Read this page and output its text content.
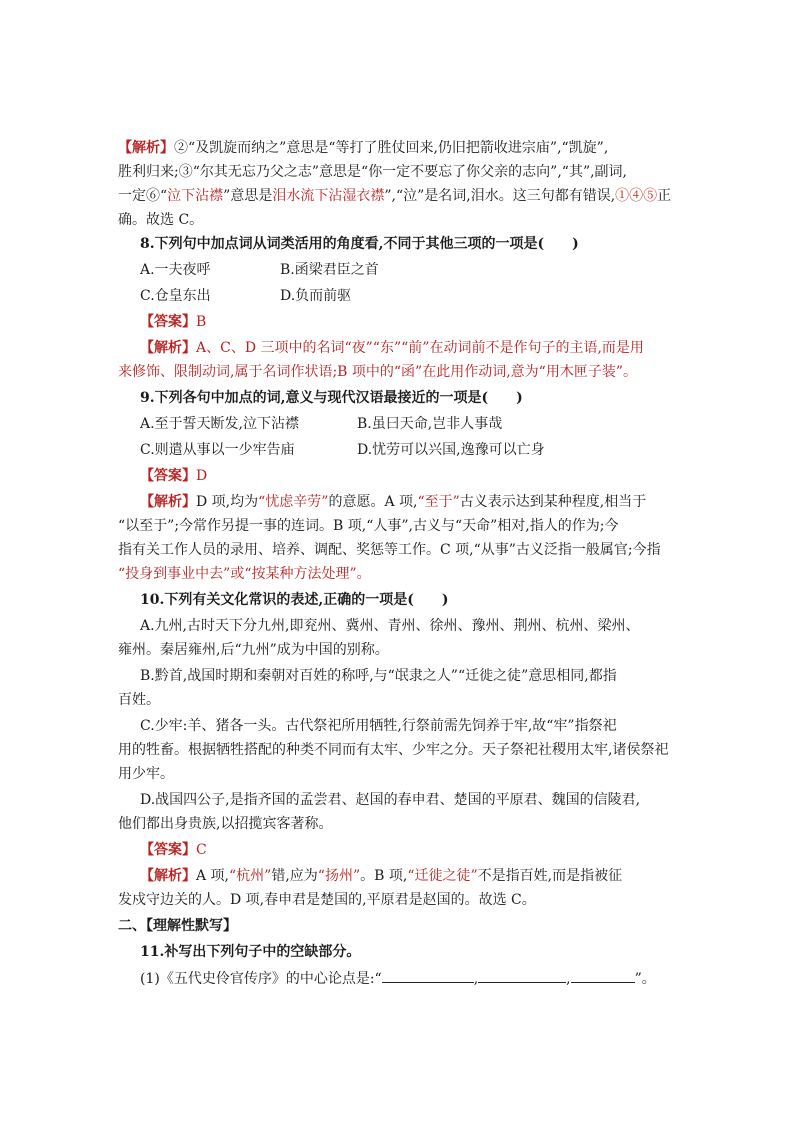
【解析】②“及凯旋而纳之”意思是“等打了胜仗回来,仍旧把箭收进宗庙”,“凯旋”,
胜利归来;③“尔其无忘乃父之志”意思是“你一定不要忘了你父亲的志向”,“其”,副词,
一定⑥“泣下沾襟”意思是泪水流下沾湿衣襟”,“泣”是名词,泪水。这三句都有错误,①④⑤正
确。故选 C。
8.下列句中加点词从词类活用的角度看,不同于其他三项的一项是(　　)
A.一夫夜呼	B.函梁君臣之首
C.仓皇东出	D.负而前驱
【答案】B
【解析】A、C、D 三项中的名词“夜”“东”“前”在动词前不是作句子的主语,而是用
来修饰、限制动词,属于名词作状语;B 项中的“函”在此用作动词,意为“用木匣子装”。
9.下列各句中加点的词,意义与现代汉语最接近的一项是(　　)
A.至于誓天断发,泣下沾襟	B.虽曰天命,岂非人事哉
C.则遣从事以一少牢告庙	D.忧劳可以兴国,逸豫可以亡身
【答案】D
【解析】D 项,均为“忧虑辛劳”的意愿。A 项,“至于”古义表示达到某种程度,相当于
“以至于”;今常作另提一事的连词。B 项,“人事”,古义与“天命”相对,指人的作为;今
指有关工作人员的录用、培养、调配、奖惩等工作。C 项,“从事”古义泛指一般属官;今指
“投身到事业中去”或“按某种方法处理”。
10.下列有关文化常识的表述,正确的一项是(　　)
A.九州,古时天下分九州,即兖州、冀州、青州、徐州、豫州、荆州、杭州、梁州、
雍州。秦居雍州,后“九州”成为中国的别称。
B.黔首,战国时期和秦朝对百姓的称呼,与“氓隶之人”“迁徙之徒”意思相同,都指
百姓。
C.少牢:羊、猪各一头。古代祭祀所用牺牲,行祭前需先饲养于牢,故“牢”指祭祀
用的牲畜。根据牺牲搭配的种类不同而有太牢、少牢之分。天子祭祀社稷用太牢,诸侯祭祀
用少牢。
D.战国四公子,是指齐国的孟尝君、赵国的春申君、楚国的平原君、魏国的信陵君,
他们都出身贵族,以招揽宾客著称。
【答案】C
【解析】A 项,“杭州”错,应为“扬州”。B 项,“迁徙之徒”不是指百姓,而是指被征
发戍守边关的人。D 项,春申君是楚国的,平原君是赵国的。故选 C。
二、【理解性默写】
11.补写出下列句子中的空缺部分。
(1)《五代史伶官传序》的中心论点是:“	,	,	”。
